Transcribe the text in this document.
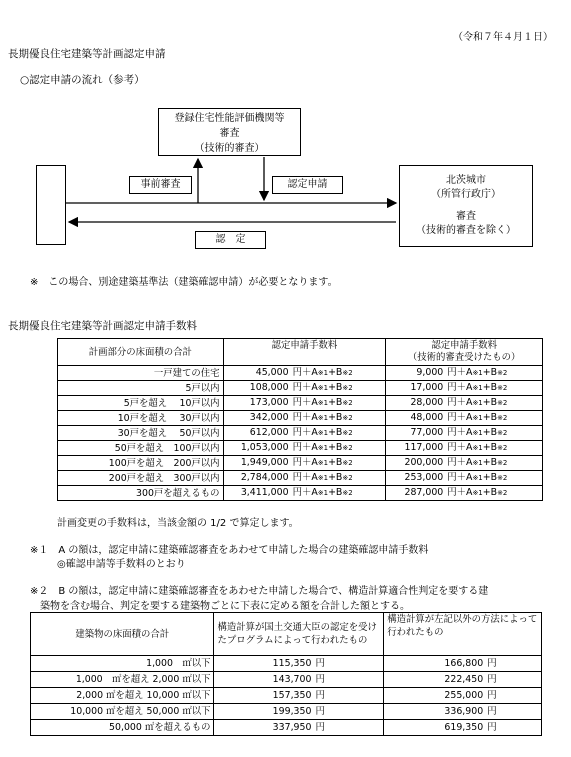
（令和７年４月１日）
長期優良住宅建築等計画認定申請
○認定申請の流れ（参考）
登録住宅性能評価機関等
審査
（技術的審査）
北茨城市
（所管行政庁）
審査
（技術的審査を除く）
事前審査	認定申請
認　定
※　この場合、別途建築基準法（建築確認申請）が必要となります。
長期優良住宅建築等計画認定申請手数料
計画部分の床面積の合計	認定申請手数料	認定申請手数料
（技術的審査受けたもの）
一戸建ての住宅	45,000 円＋A※1+B※2	9,000 円＋A※1+B※2
5戸以内	108,000 円＋A※1+B※2	17,000 円＋A※1+B※2
5戸を超え　 10戸以内	173,000 円＋A※1+B※2	28,000 円＋A※1+B※2
10戸を超え　 30戸以内	342,000 円＋A※1+B※2	48,000 円＋A※1+B※2
30戸を超え　 50戸以内	612,000 円＋A※1+B※2	77,000 円＋A※1+B※2
50戸を超え　100戸以内	1,053,000 円＋A※1+B※2	117,000 円＋A※1+B※2
100戸を超え　200戸以内	1,949,000 円＋A※1+B※2	200,000 円＋A※1+B※2
200戸を超え　300戸以内	2,784,000 円＋A※1+B※2	253,000 円＋A※1+B※2
300戸を超えるもの	3,411,000 円＋A※1+B※2	287,000 円＋A※1+B※2
計画変更の手数料は，当該金額の 1/2 で算定します。
※１　A の額は，認定申請に建築確認審査をあわせて申請した場合の建築確認申請手数料
◎確認申請等手数料のとおり
※２　B の額は，認定申請に建築確認審査をあわせた申請した場合で、構造計算適合性判定を要する建
築物を含む場合、判定を要する建築物ごとに下表に定める額を合計した額とする。
建築物の床面積の合計	構造計算が国土交通大臣の認定を受けたプログラムによって行われたもの	構造計算が左記以外の方法によって行われたもの
1,000　㎡以下	115,350 円	166,800 円
1,000　㎡を超え 2,000 ㎡以下	143,700 円	222,450 円
2,000 ㎡を超え 10,000 ㎡以下	157,350 円	255,000 円
10,000 ㎡を超え 50,000 ㎡以下	199,350 円	336,900 円
50,000 ㎡を超えるもの	337,950 円	619,350 円
